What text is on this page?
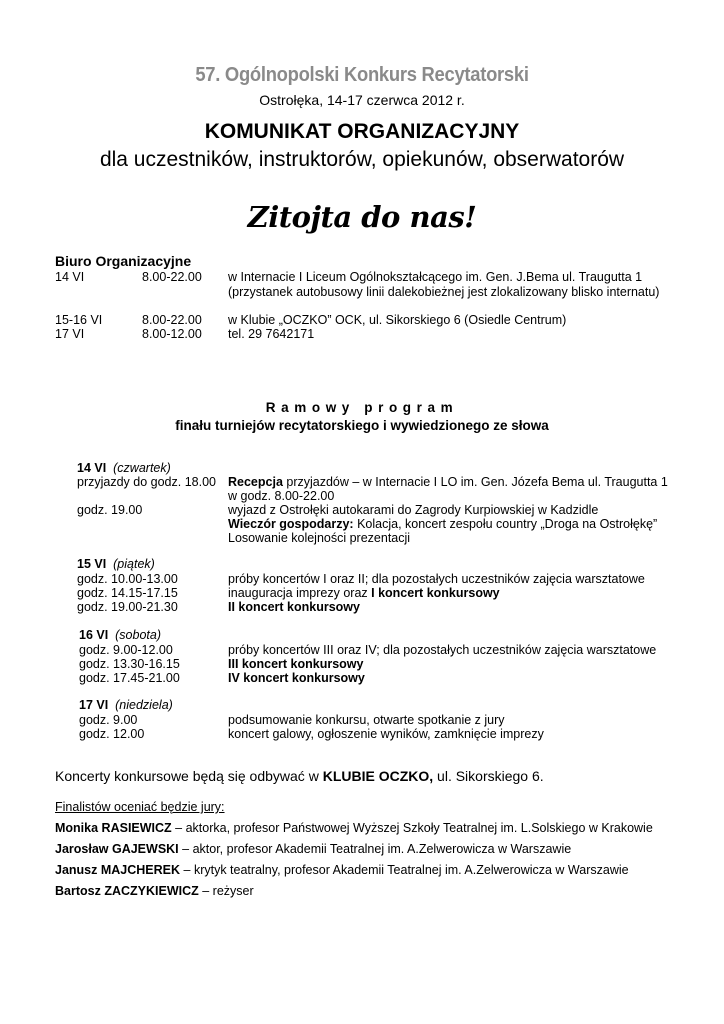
57. Ogólnopolski Konkurs Recytatorski
Ostrołęka, 14-17 czerwca 2012 r.
KOMUNIKAT ORGANIZACYJNY
dla uczestników, instruktorów, opiekunów, obserwatorów
Zitojta do nas!
Biuro Organizacyjne
14 VI	8.00-22.00 w Internacie I Liceum Ogólnokształcącego im. Gen. J.Bema ul. Traugutta 1
(przystanek autobusowy linii dalekobieżnej jest zlokalizowany blisko internatu)
15-16 VI	8.00-22.00 w Klubie „OCZKO” OCK, ul. Sikorskiego 6 (Osiedle Centrum)
17 VI	8.00-12.00 tel. 29 7642171
Ramowy program
finału turniejów recytatorskiego i wywiedzionego ze słowa
14 VI (czwartek)
przyjazdy do godz. 18.00 Recepcja przyjazdów – w Internacie I LO im. Gen. Józefa Bema ul. Traugutta 1
w godz. 8.00-22.00
godz. 19.00	wyjazd z Ostrołęki autokarami do Zagrody Kurpiowskiej w Kadzidle
Wieczór gospodarzy: Kolacja, koncert zespołu country „Droga na Ostrołękę”
Losowanie kolejności prezentacji
15 VI (piątek)
godz. 10.00-13.00	próby koncertów I oraz II; dla pozostałych uczestników zajęcia warsztatowe
godz. 14.15-17.15	inauguracja imprezy oraz I koncert konkursowy
godz. 19.00-21.30	II koncert konkursowy
16 VI (sobota)
godz. 9.00-12.00	próby koncertów III oraz IV; dla pozostałych uczestników zajęcia warsztatowe
godz. 13.30-16.15	III koncert konkursowy
godz. 17.45-21.00	IV koncert konkursowy
17 VI (niedziela)
godz. 9.00	podsumowanie konkursu, otwarte spotkanie z jury
godz. 12.00	koncert galowy, ogłoszenie wyników, zamknięcie imprezy
Koncerty konkursowe będą się odbywać w KLUBIE OCZKO, ul. Sikorskiego 6.
Finalistów oceniać będzie jury:
Monika RASIEWICZ – aktorka, profesor Państwowej Wyższej Szkoły Teatralnej im. L.Solskiego w Krakowie
Jarosław GAJEWSKI – aktor, profesor Akademii Teatralnej im. A.Zelwerowicza w Warszawie
Janusz MAJCHEREK – krytyk teatralny, profesor Akademii Teatralnej im. A.Zelwerowicza w Warszawie
Bartosz ZACZYKIEWICZ – reżyser
